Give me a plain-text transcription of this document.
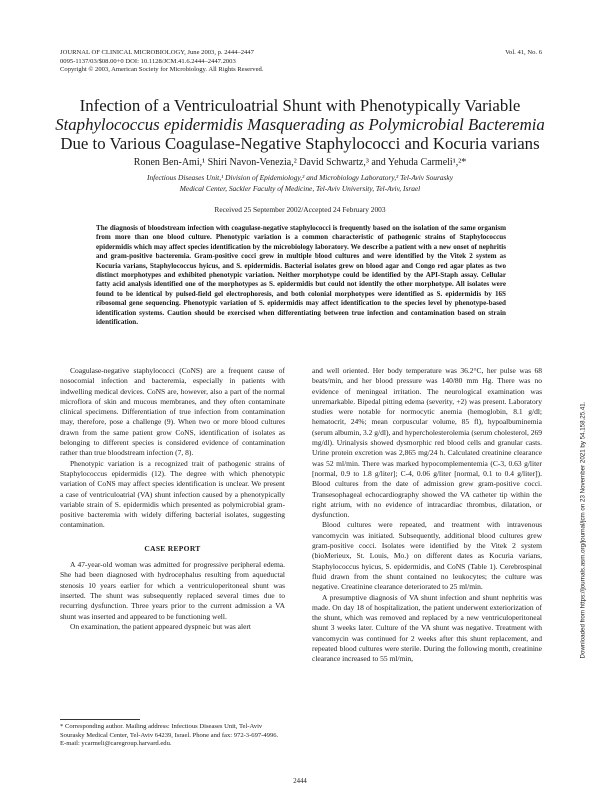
JOURNAL OF CLINICAL MICROBIOLOGY, June 2003, p. 2444–2447
0095-1137/03/$08.00+0 DOI: 10.1128/JCM.41.6.2444–2447.2003
Copyright © 2003, American Society for Microbiology. All Rights Reserved.
Vol. 41, No. 6
Infection of a Ventriculoatrial Shunt with Phenotypically Variable
Staphylococcus epidermidis Masquerading as Polymicrobial Bacteremia
Due to Various Coagulase-Negative Staphylococci and Kocuria varians
Ronen Ben-Ami,¹ Shiri Navon-Venezia,² David Schwartz,³ and Yehuda Carmeli¹,²*
Infectious Diseases Unit,¹ Division of Epidemiology,² and Microbiology Laboratory,³ Tel-Aviv Sourasky
Medical Center, Sackler Faculty of Medicine, Tel-Aviv University, Tel-Aviv, Israel
Received 25 September 2002/Accepted 24 February 2003
The diagnosis of bloodstream infection with coagulase-negative staphylococci is frequently based on the isolation of the same organism from more than one blood culture. Phenotypic variation is a common characteristic of pathogenic strains of Staphylococcus epidermidis which may affect species identification by the microbiology laboratory. We describe a patient with a new onset of nephritis and gram-positive bacteremia. Gram-positive cocci grew in multiple blood cultures and were identified by the Vitek 2 system as Kocuria varians, Staphylococcus hyicus, and S. epidermidis. Bacterial isolates grew on blood agar and Congo red agar plates as two distinct morphotypes and exhibited phenotypic variation. Neither morphotype could be identified by the API-Staph assay. Cellular fatty acid analysis identified one of the morphotypes as S. epidermidis but could not identify the other morphotype. All isolates were found to be identical by pulsed-field gel electrophoresis, and both colonial morphotypes were identified as S. epidermidis by 16S ribosomal gene sequencing. Phenotypic variation of S. epidermidis may affect identification to the species level by phenotype-based identification systems. Caution should be exercised when differentiating between true infection and contamination based on strain identification.

Coagulase-negative staphylococci (CoNS) are a frequent cause of nosocomial infection and bacteremia, especially in patients with indwelling medical devices. CoNS are, however, also a part of the normal microflora of skin and mucous membranes, and they often contaminate clinical specimens. Differentiation of true infection from contamination may, therefore, pose a challenge (9). When two or more blood cultures drawn from the same patient grow CoNS, identification of isolates as belonging to different species is considered evidence of contamination rather than true bloodstream infection (7, 8).

Phenotypic variation is a recognized trait of pathogenic strains of Staphylococcus epidermidis (12). The degree with which phenotypic variation of CoNS may affect species identification is unclear. We present a case of ventriculoatrial (VA) shunt infection caused by a phenotypically variable strain of S. epidermidis which presented as polymicrobial gram-positive bacteremia with widely differing bacterial isolates, suggesting contamination.

CASE REPORT

A 47-year-old woman was admitted for progressive peripheral edema. She had been diagnosed with hydrocephalus resulting from aqueductal stenosis 10 years earlier for which a ventriculoperitoneal shunt was inserted. The shunt was subsequently replaced several times due to recurring dysfunction. Three years prior to the current admission a VA shunt was inserted and appeared to be functioning well.

On examination, the patient appeared dyspneic but was alert

and well oriented. Her body temperature was 36.2°C, her pulse was 68 beats/min, and her blood pressure was 140/80 mm Hg. There was no evidence of meningeal irritation. The neurological examination was unremarkable. Bipedal pitting edema (severity, +2) was present. Laboratory studies were notable for normocytic anemia (hemoglobin, 8.1 g/dl; hematocrit, 24%; mean corpuscular volume, 85 fl), hypoalbuminemia (serum albumin, 3.2 g/dl), and hypercholesterolemia (serum cholesterol, 269 mg/dl). Urinalysis showed dysmorphic red blood cells and granular casts. Urine protein excretion was 2,865 mg/24 h. Calculated creatinine clearance was 52 ml/min. There was marked hypocomplementemia (C-3, 0.63 g/liter [normal, 0.9 to 1.8 g/liter]; C-4, 0.06 g/liter [normal, 0.1 to 0.4 g/liter]). Blood cultures from the date of admission grew gram-positive cocci. Transesophageal echocardiography showed the VA catheter tip within the right atrium, with no evidence of intracardiac thrombus, dilatation, or dysfunction.

Blood cultures were repeated, and treatment with intravenous vancomycin was initiated. Subsequently, additional blood cultures grew gram-positive cocci. Isolates were identified by the Vitek 2 system (bioMerieux, St. Louis, Mo.) on different dates as Kocuria varians, Staphylococcus hyicus, S. epidermidis, and CoNS (Table 1). Cerebrospinal fluid drawn from the shunt contained no leukocytes; the culture was negative. Creatinine clearance deteriorated to 25 ml/min.

A presumptive diagnosis of VA shunt infection and shunt nephritis was made. On day 18 of hospitalization, the patient underwent exteriorization of the shunt, which was removed and replaced by a new ventriculoperitoneal shunt 3 weeks later. Culture of the VA shunt was negative. Treatment with vancomycin was continued for 2 weeks after this shunt replacement, and repeated blood cultures were sterile. During the following month, creatinine clearance increased to 55 ml/min,

* Corresponding author. Mailing address: Infectious Diseases Unit, Tel-Aviv Sourasky Medical Center, Tel-Aviv 64239, Israel. Phone and fax: 972-3-697-4996. E-mail: ycarmeli@caregroup.harvard.edu.
2444
Downloaded from https://journals.asm.org/journal/jcm on 23 November 2021 by 54.158.25.41.
